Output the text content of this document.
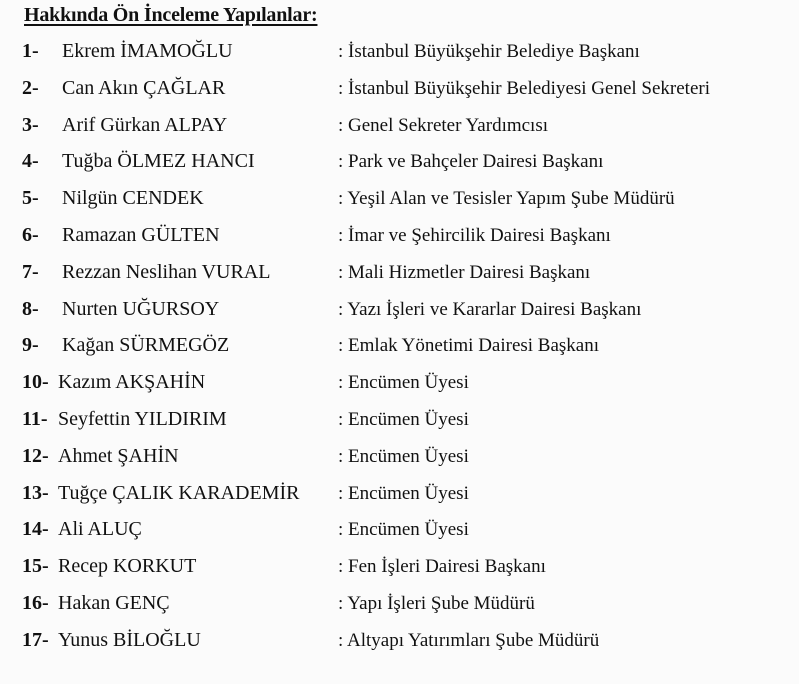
Hakkında Ön İnceleme Yapılanlar:
1- Ekrem İMAMOĞLU	: İstanbul Büyükşehir Belediye Başkanı
2- Can Akın ÇAĞLAR	: İstanbul Büyükşehir Belediyesi Genel Sekreteri
3- Arif Gürkan ALPAY	: Genel Sekreter Yardımcısı
4- Tuğba ÖLMEZ HANCI	: Park ve Bahçeler Dairesi Başkanı
5- Nilgün CENDEK	: Yeşil Alan ve Tesisler Yapım Şube Müdürü
6- Ramazan GÜLTEN	: İmar ve Şehircilik Dairesi Başkanı
7- Rezzan Neslihan VURAL	: Mali Hizmetler Dairesi Başkanı
8- Nurten UĞURSOY	: Yazı İşleri ve Kararlar Dairesi Başkanı
9- Kağan SÜRMEGÖZ	: Emlak Yönetimi Dairesi Başkanı
10- Kazım AKŞAHİN	: Encümen Üyesi
11- Seyfettin YILDIRIM	: Encümen Üyesi
12- Ahmet ŞAHİN	: Encümen Üyesi
13- Tuğçe ÇALIK KARADEMİR : Encümen Üyesi
14- Ali ALUÇ	: Encümen Üyesi
15- Recep KORKUT	: Fen İşleri Dairesi Başkanı
16- Hakan GENÇ	: Yapı İşleri Şube Müdürü
17- Yunus BİLOĞLU	: Altyapı Yatırımları Şube Müdürü
